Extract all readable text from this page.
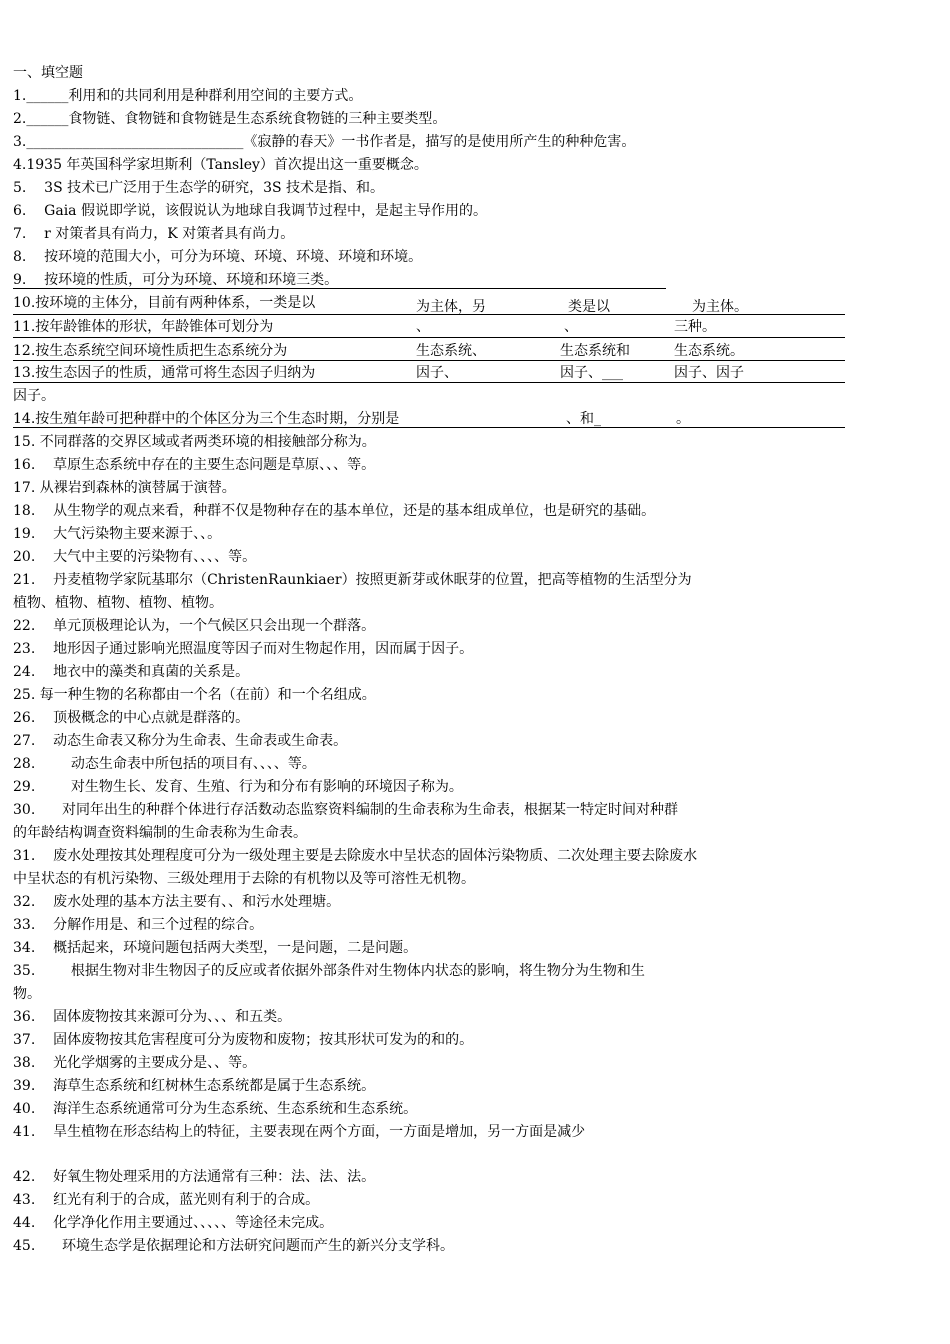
一、填空题
1.______利用和的共同利用是种群利用空间的主要方式。
2.______食物链、食物链和食物链是生态系统食物链的三种主要类型。
3._______________________________《寂静的春天》一书作者是，描写的是使用所产生的种种危害。
4.1935 年英国科学家坦斯利（Tansley）首次提出这一重要概念。
5.    3S 技术已广泛用于生态学的研究，3S 技术是指、和。
6.    Gaia 假说即学说，该假说认为地球自我调节过程中，是起主导作用的。
7.    r 对策者具有尚力，K 对策者具有尚力。
8.    按环境的范围大小，可分为环境、环境、环境、环境和环境。
9.    按环境的性质，可分为环境、环境和环境三类。
10.按环境的主体分，目前有两种体系，一类是以	为主体，另	类是以	为主体。
11.按年龄锥体的形状，年龄锥体可划分为	、	、	三种。
12.按生态系统空间环境性质把生态系统分为	生态系统、	生态系统和	生态系统。
13.按生态因子的性质，通常可将生态因子归纳为	因子、	因子、___	因子、因子
因子。
14.按生殖年龄可把种群中的个体区分为三个生态时期，分别是	、和_	。
15. 不同群落的交界区域或者两类环境的相接触部分称为。
16.    草原生态系统中存在的主要生态问题是草原、、、等。
17. 从裸岩到森林的演替属于演替。
18.    从生物学的观点来看，种群不仅是物种存在的基本单位，还是的基本组成单位，也是研究的基础。
19.    大气污染物主要来源于、、。
20.    大气中主要的污染物有、、、、等。
21.    丹麦植物学家阮基耶尔（ChristenRaunkiaer）按照更新芽或休眠芽的位置，把高等植物的生活型分为
植物、植物、植物、植物、植物。
22.    单元顶极理论认为，一个气候区只会出现一个群落。
23.    地形因子通过影响光照温度等因子而对生物起作用，因而属于因子。
24.    地衣中的藻类和真菌的关系是。
25. 每一种生物的名称都由一个名（在前）和一个名组成。
26.    顶极概念的中心点就是群落的。
27.    动态生命表又称分为生命表、生命表或生命表。
28.        动态生命表中所包括的项目有、、、、等。
29.        对生物生长、发育、生殖、行为和分布有影响的环境因子称为。
30.      对同年出生的种群个体进行存活数动态监察资料编制的生命表称为生命表，根据某一特定时间对种群
的年龄结构调查资料编制的生命表称为生命表。
31.    废水处理按其处理程度可分为一级处理主要是去除废水中呈状态的固体污染物质、二次处理主要去除废水
中呈状态的有机污染物、三级处理用于去除的有机物以及等可溶性无机物。
32.    废水处理的基本方法主要有、、和污水处理塘。
33.    分解作用是、和三个过程的综合。
34.    概括起来，环境问题包括两大类型，一是问题，二是问题。
35.        根据生物对非生物因子的反应或者依据外部条件对生物体内状态的影响，将生物分为生物和生
物。
36.    固体废物按其来源可分为、、、和五类。
37.    固体废物按其危害程度可分为废物和废物；按其形状可发为的和的。
38.    光化学烟雾的主要成分是、、等。
39.    海草生态系统和红树林生态系统都是属于生态系统。
40.    海洋生态系统通常可分为生态系统、生态系统和生态系统。
41.    旱生植物在形态结构上的特征，主要表现在两个方面，一方面是增加，另一方面是减少
42.    好氧生物处理采用的方法通常有三种：法、法、法。
43.    红光有利于的合成，蓝光则有利于的合成。
44.    化学净化作用主要通过、、、、、等途径未完成。
45.      环境生态学是依据理论和方法研究问题而产生的新兴分支学科。
